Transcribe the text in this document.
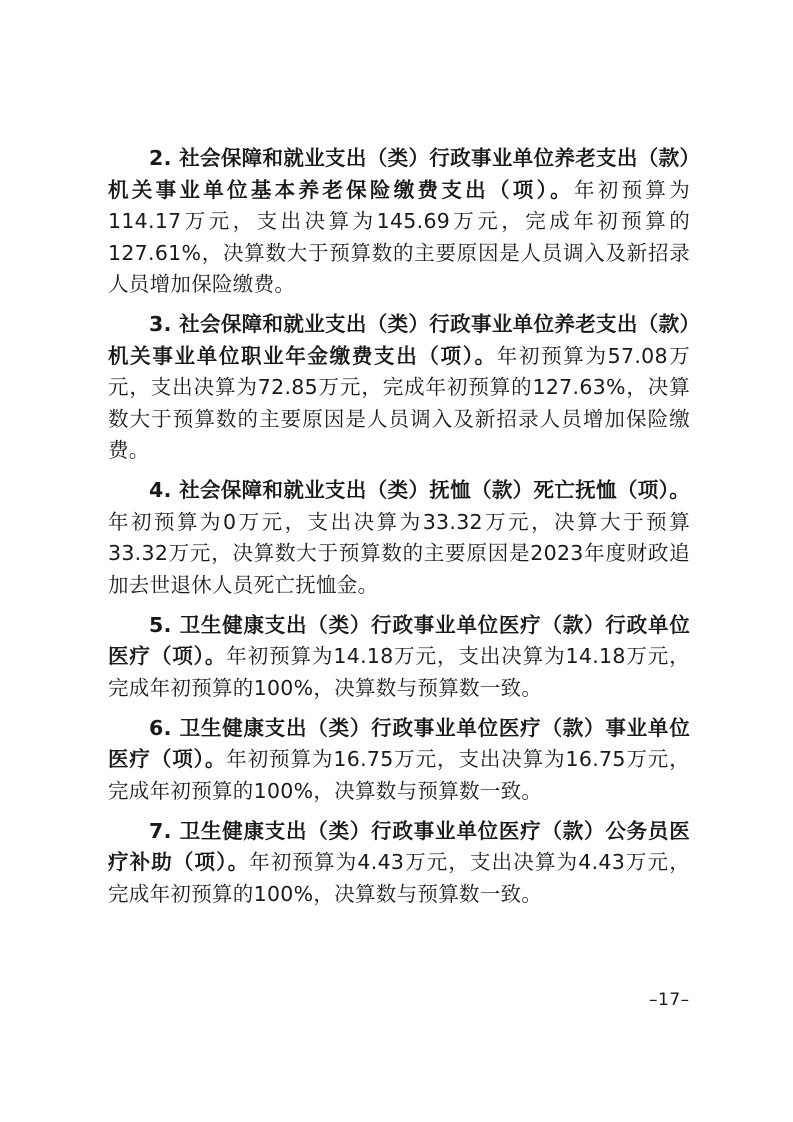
2. 社会保障和就业支出（类）行政事业单位养老支出（款）机关事业单位基本养老保险缴费支出（项）。年初预算为114.17万元，支出决算为145.69万元，完成年初预算的127.61%，决算数大于预算数的主要原因是人员调入及新招录人员增加保险缴费。

3. 社会保障和就业支出（类）行政事业单位养老支出（款）机关事业单位职业年金缴费支出（项）。年初预算为57.08万元，支出决算为72.85万元，完成年初预算的127.63%，决算数大于预算数的主要原因是人员调入及新招录人员增加保险缴费。

4. 社会保障和就业支出（类）抚恤（款）死亡抚恤（项）。年初预算为0万元，支出决算为33.32万元，决算大于预算33.32万元，决算数大于预算数的主要原因是2023年度财政追加去世退休人员死亡抚恤金。

5. 卫生健康支出（类）行政事业单位医疗（款）行政单位医疗（项）。年初预算为14.18万元，支出决算为14.18万元，完成年初预算的100%，决算数与预算数一致。

6. 卫生健康支出（类）行政事业单位医疗（款）事业单位医疗（项）。年初预算为16.75万元，支出决算为16.75万元，完成年初预算的100%，决算数与预算数一致。

7. 卫生健康支出（类）行政事业单位医疗（款）公务员医疗补助（项）。年初预算为4.43万元，支出决算为4.43万元，完成年初预算的100%，决算数与预算数一致。

–17–
